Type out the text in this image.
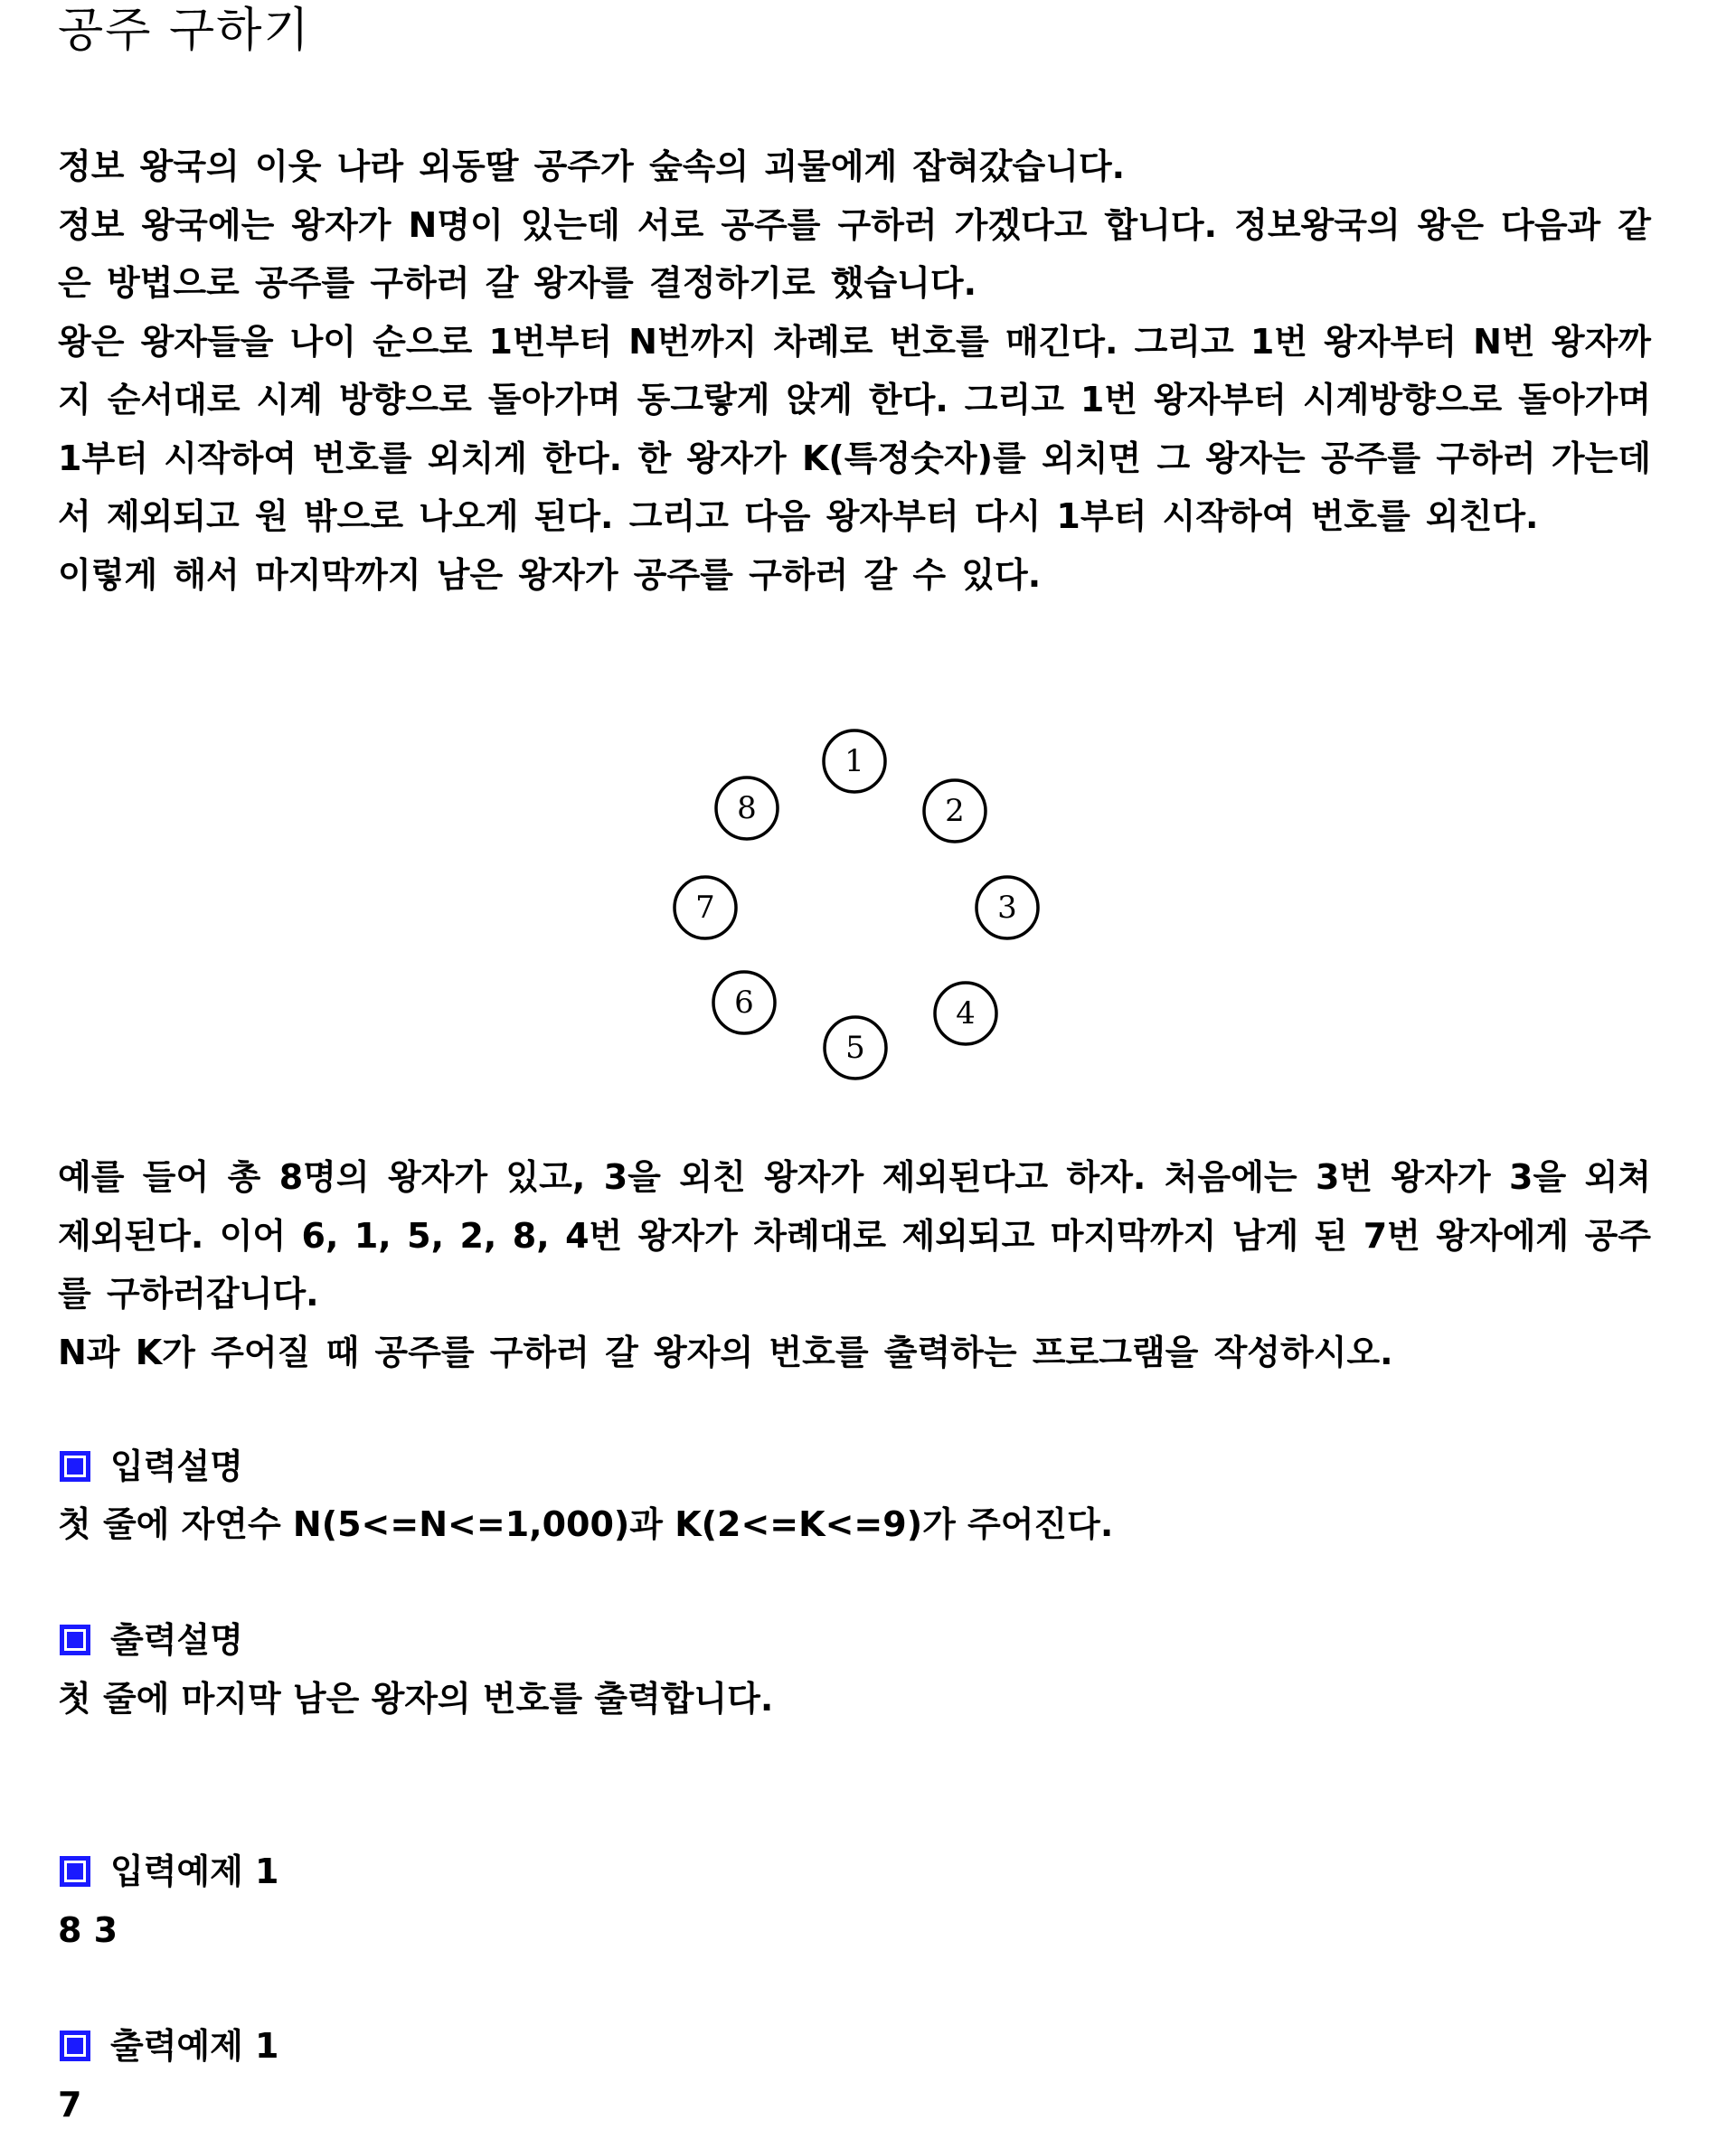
공주 구하기

정보 왕국의 이웃 나라 외동딸 공주가 숲속의 괴물에게 잡혀갔습니다.

정보 왕국에는 왕자가 N명이 있는데 서로 공주를 구하러 가겠다고 합니다. 정보왕국의 왕은 다음과 같은 방법으로 공주를 구하러 갈 왕자를 결정하기로 했습니다.

왕은 왕자들을 나이 순으로 1번부터 N번까지 차례로 번호를 매긴다. 그리고 1번 왕자부터 N번 왕자까지 순서대로 시계 방향으로 돌아가며 동그랗게 앉게 한다. 그리고 1번 왕자부터 시계방향으로 돌아가며 1부터 시작하여 번호를 외치게 한다. 한 왕자가 K(특정숫자)를 외치면 그 왕자는 공주를 구하러 가는데서 제외되고 원 밖으로 나오게 된다. 그리고 다음 왕자부터 다시 1부터 시작하여 번호를 외친다.

이렇게 해서 마지막까지 남은 왕자가 공주를 구하러 갈 수 있다.

1
2
3
4
5
6
7
8

예를 들어 총 8명의 왕자가 있고, 3을 외친 왕자가 제외된다고 하자. 처음에는 3번 왕자가 3을 외쳐 제외된다. 이어 6, 1, 5, 2, 8, 4번 왕자가 차례대로 제외되고 마지막까지 남게 된 7번 왕자에게 공주를 구하러갑니다.

N과 K가 주어질 때 공주를 구하러 갈 왕자의 번호를 출력하는 프로그램을 작성하시오.

입력설명
첫 줄에 자연수 N(5<=N<=1,000)과 K(2<=K<=9)가 주어진다.
출력설명
첫 줄에 마지막 남은 왕자의 번호를 출력합니다.
입력예제 1
8 3
출력예제 1
7
